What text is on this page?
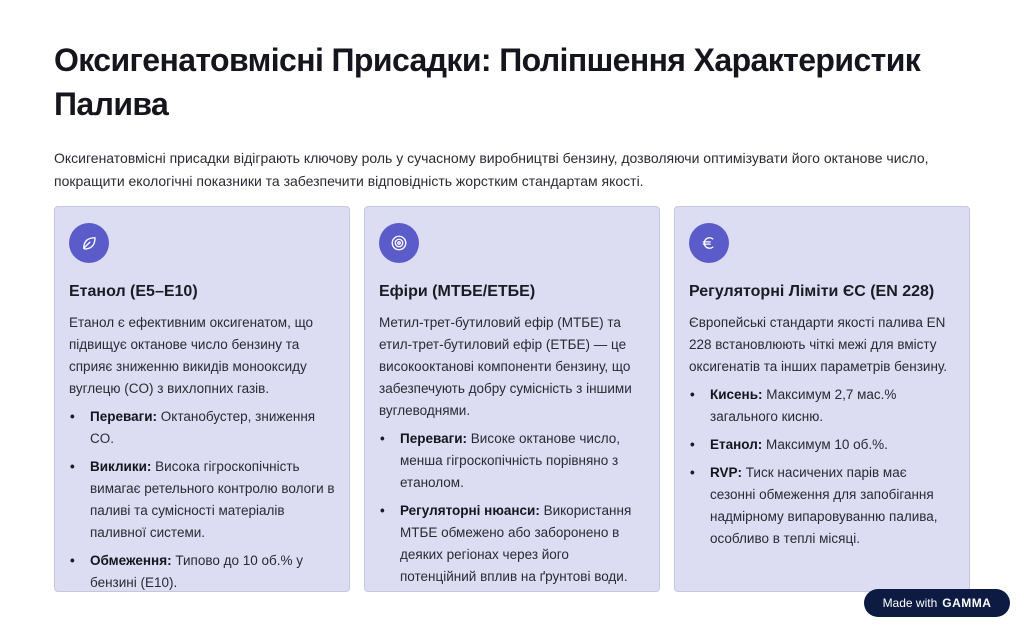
Оксигенатовмісні Присадки: Поліпшення Характеристик Палива

Оксигенатовмісні присадки відіграють ключову роль у сучасному виробництві бензину, дозволяючи оптимізувати його октанове число, покращити екологічні показники та забезпечити відповідність жорстким стандартам якості.

Етанол (E5–E10)

Етанол є ефективним оксигенатом, що підвищує октанове число бензину та сприяє зниженню викидів монооксиду вуглецю (CO) з вихлопних газів.

• Переваги: Октанобустер, зниження CO.
• Виклики: Висока гігроскопічність вимагає ретельного контролю вологи в паливі та сумісності матеріалів паливної системи.
• Обмеження: Типово до 10 об.% у бензині (E10).
Ефіри (МТБЕ/ЕТБЕ)

Метил-трет-бутиловий ефір (МТБЕ) та етил-трет-бутиловий ефір (ЕТБЕ) — це високооктанові компоненти бензину, що забезпечують добру сумісність з іншими вуглеводнями.

• Переваги: Високе октанове число, менша гігроскопічність порівняно з етанолом.
• Регуляторні нюанси: Використання МТБЕ обмежено або заборонено в деяких регіонах через його потенційний вплив на ґрунтові води.
Регуляторні Ліміти ЄС (EN 228)

Європейські стандарти якості палива EN 228 встановлюють чіткі межі для вмісту оксигенатів та інших параметрів бензину.

• Кисень: Максимум 2,7 мас.% загального кисню.
• Етанол: Максимум 10 об.%.
• RVP: Тиск насичених парів має сезонні обмеження для запобігання надмірному випаровуванню палива, особливо в теплі місяці.
Made with GAMMA
